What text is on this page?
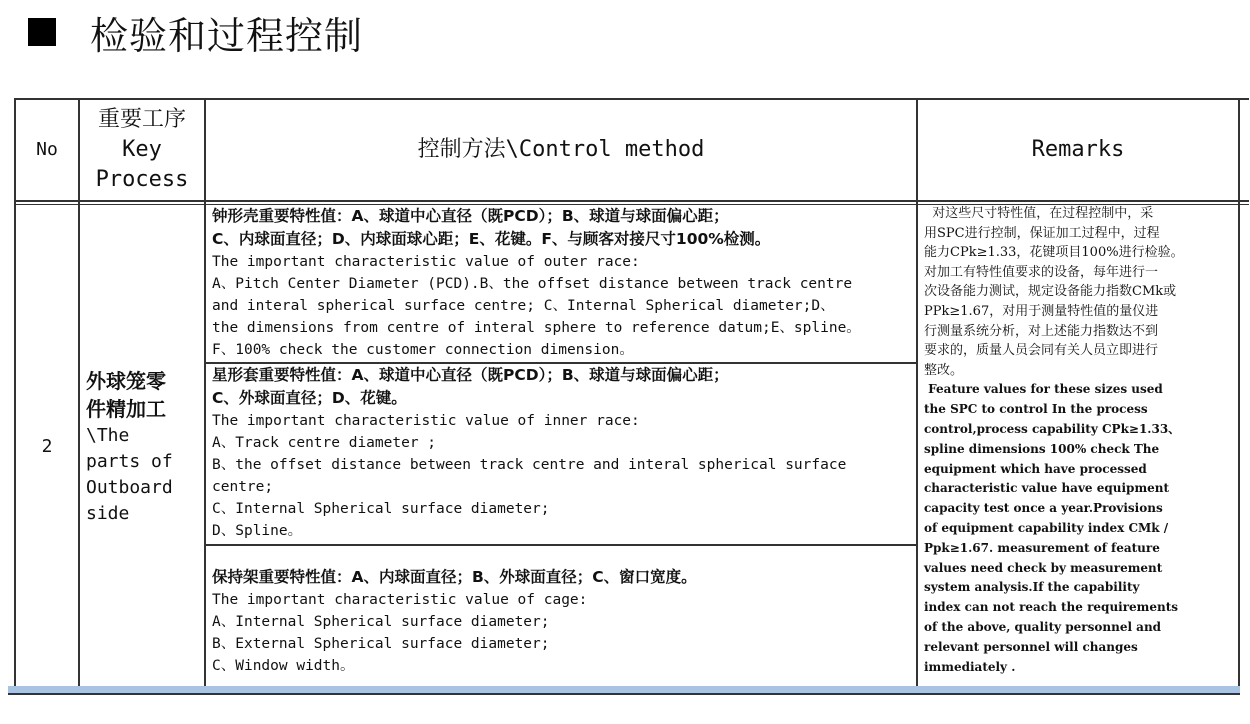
检验和过程控制
No
重要工序
Key
Process
控制方法\Control method	Remarks
2
外球笼零
件精加工
\The
parts of
Outboard
side
钟形壳重要特性值：A、球道中心直径（既PCD）；B、球道与球面偏心距；
C、内球面直径；D、内球面球心距；E、花键。F、与顾客对接尺寸100%检测。
The important characteristic value of outer race:
A、Pitch Center Diameter (PCD).B、the offset distance between track centre
and interal spherical surface centre; C、Internal Spherical diameter;D、
the dimensions from centre of interal sphere to reference datum;E、spline。
F、100% check the customer connection dimension。
星形套重要特性值：A、球道中心直径（既PCD）；B、球道与球面偏心距；
C、外球面直径；D、花键。
The important characteristic value of inner race:
A、Track centre diameter ;
B、the offset distance between track centre and interal spherical surface
centre;
C、Internal Spherical surface diameter;
D、Spline。
保持架重要特性值：A、内球面直径；B、外球面直径；C、窗口宽度。
The important characteristic value of cage:
A、Internal Spherical surface diameter;
B、External Spherical surface diameter;
C、Window width。
对这些尺寸特性值，在过程控制中，采
用SPC进行控制，保证加工过程中，过程
能力CPk≥1.33，花键项目100%进行检验。
对加工有特性值要求的设备，每年进行一
次设备能力测试，规定设备能力指数CMk或
PPk≥1.67，对用于测量特性值的量仪进
行测量系统分析，对上述能力指数达不到
要求的，质量人员会同有关人员立即进行
整改。
Feature values for these sizes used
the SPC to control In the process
control,process capability CPk≥1.33、
spline dimensions 100% check The
equipment which have processed
characteristic value have equipment
capacity test once a year.Provisions
of equipment capability index CMk /
Ppk≥1.67. measurement of feature
values need check by measurement
system analysis.If the capability
index can not reach the requirements
of the above, quality personnel and
relevant personnel will changes
immediately .
